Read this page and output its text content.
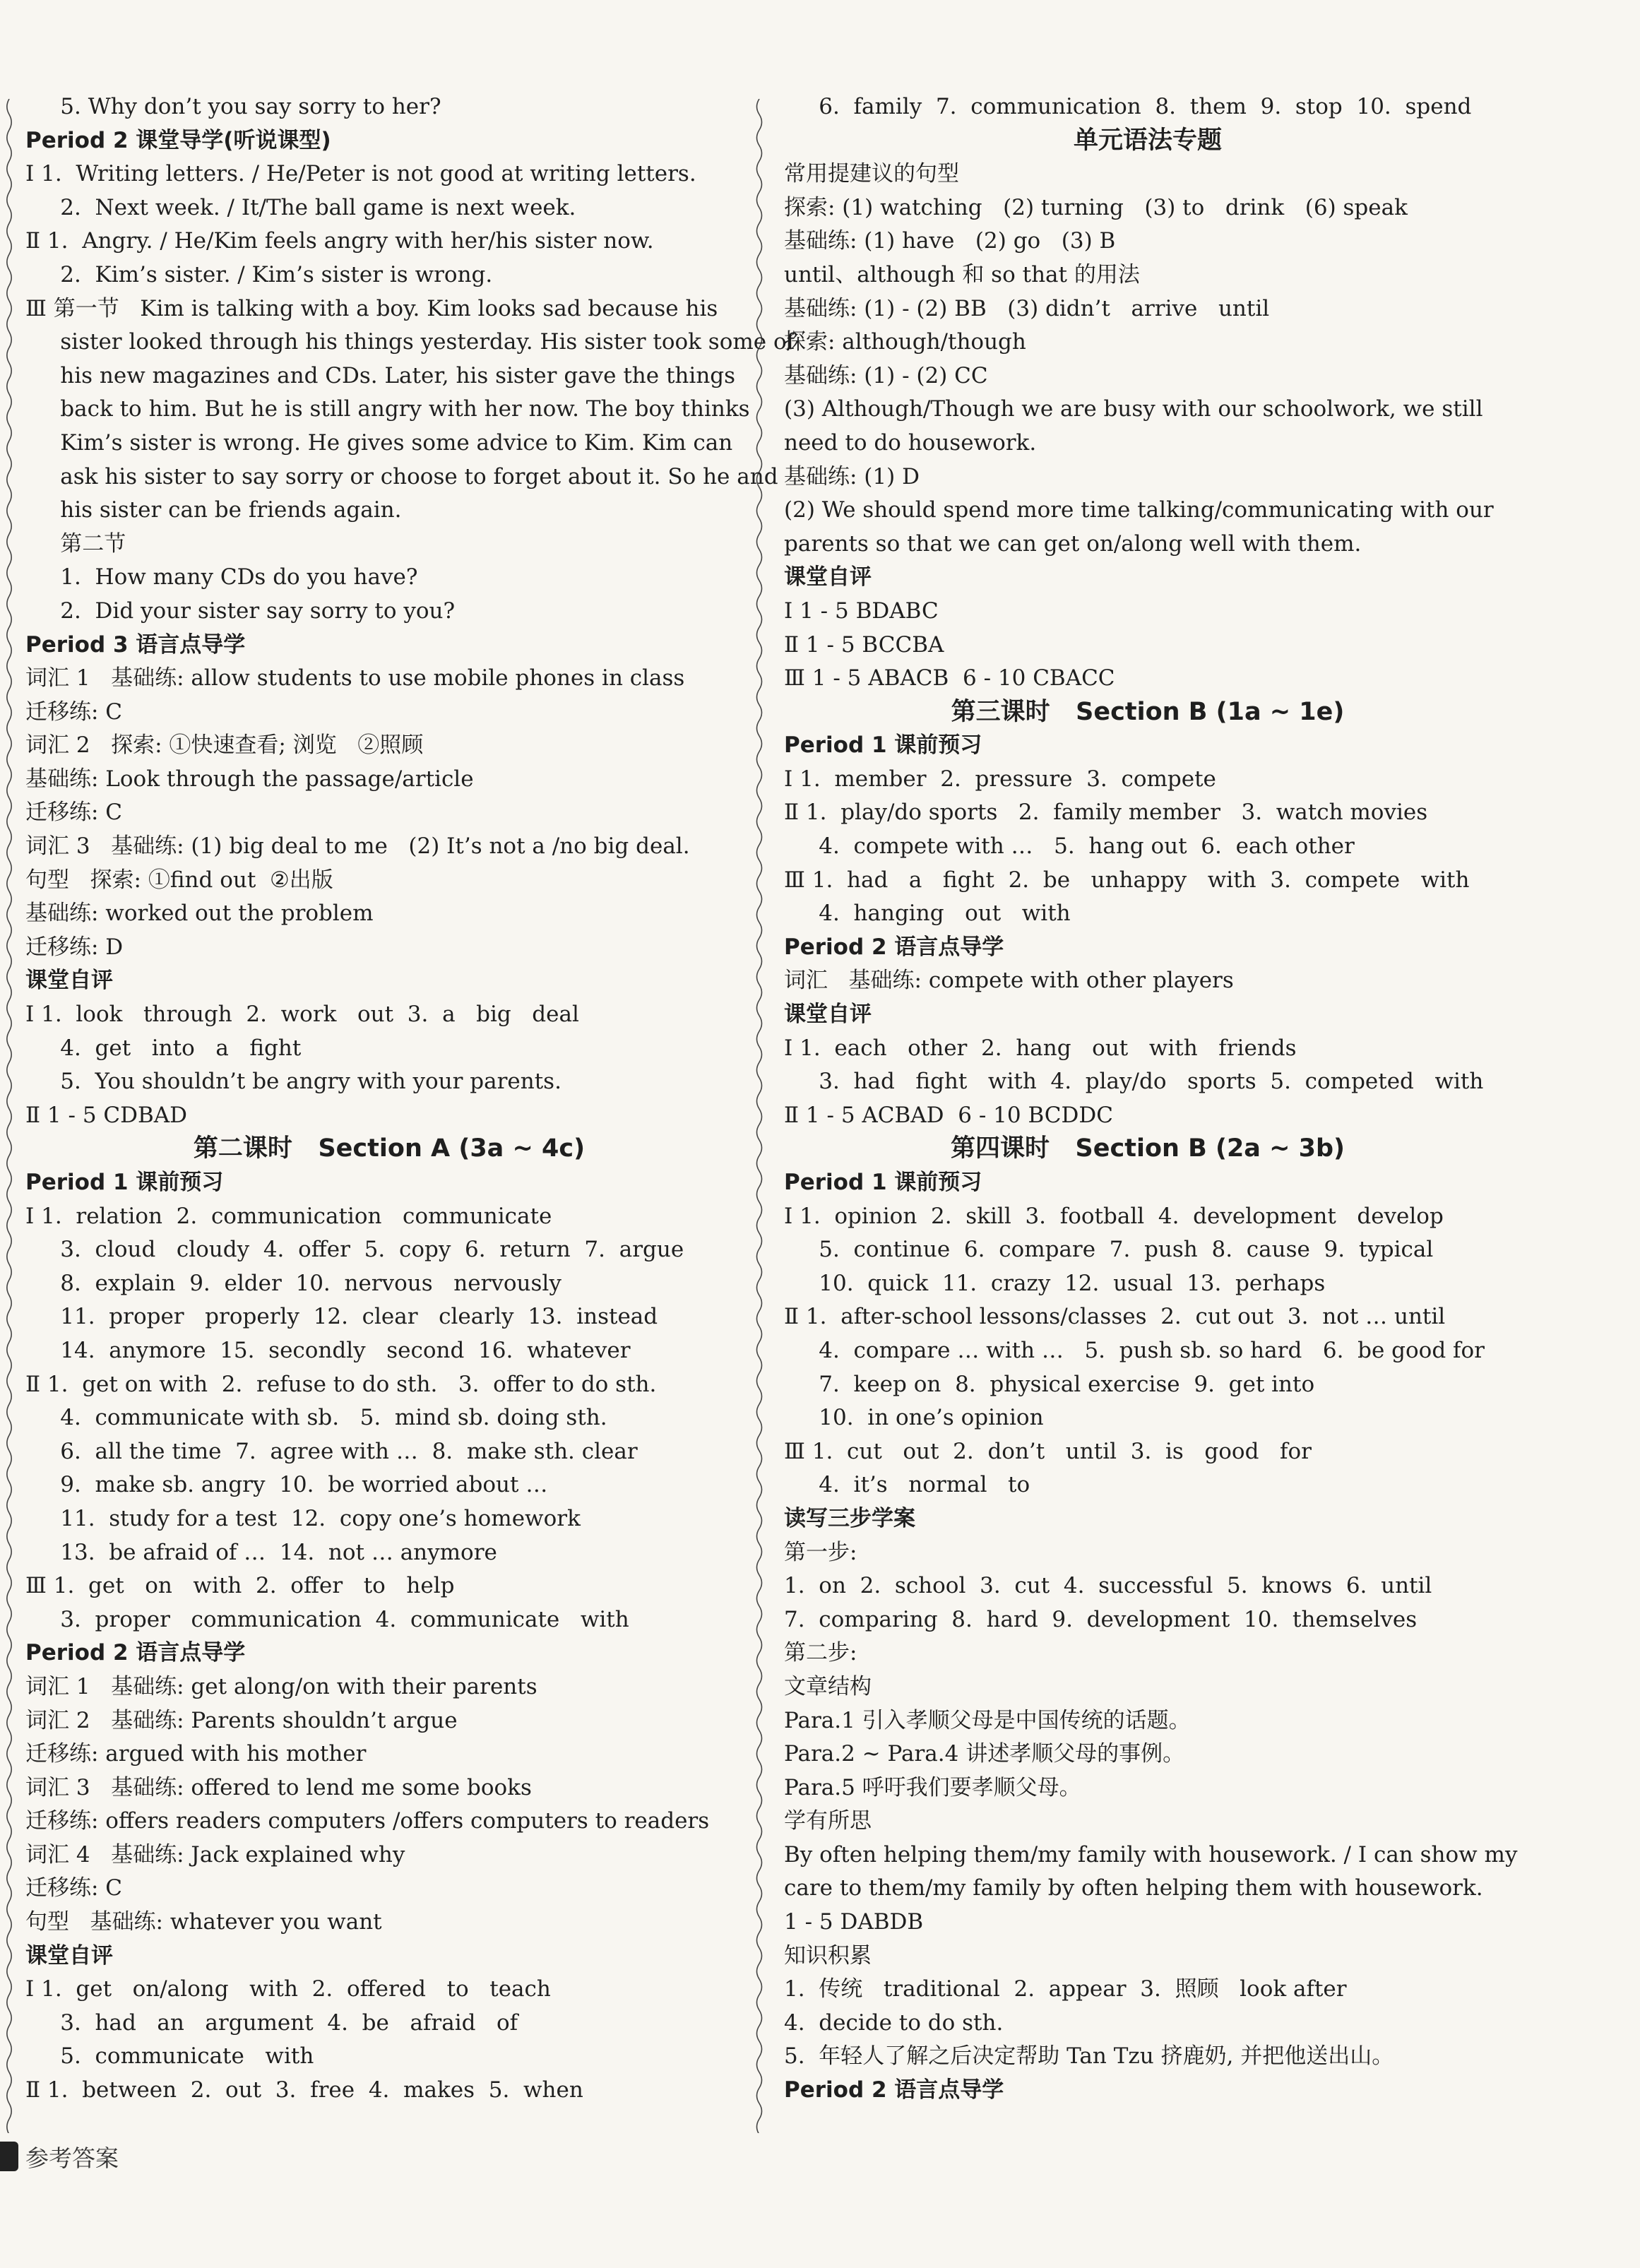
5. Why don’t you say sorry to her?
Period 2 课堂导学(听说课型)
Ⅰ 1.  Writing letters. / He/Peter is not good at writing letters.
2.  Next week. / It/The ball game is next week.
Ⅱ 1.  Angry. / He/Kim feels angry with her/his sister now.
2.  Kim’s sister. / Kim’s sister is wrong.
Ⅲ 第一节   Kim is talking with a boy. Kim looks sad because his
sister looked through his things yesterday. His sister took some of
his new magazines and CDs. Later, his sister gave the things
back to him. But he is still angry with her now. The boy thinks
Kim’s sister is wrong. He gives some advice to Kim. Kim can
ask his sister to say sorry or choose to forget about it. So he and
his sister can be friends again.
第二节
1.  How many CDs do you have?
2.  Did your sister say sorry to you?
Period 3 语言点导学
词汇 1   基础练: allow students to use mobile phones in class
迁移练: C
词汇 2   探索: ①快速查看; 浏览   ②照顾
基础练: Look through the passage/article
迁移练: C
词汇 3   基础练: (1) big deal to me   (2) It’s not a /no big deal.
句型   探索: ①find out  ②出版
基础练: worked out the problem
迁移练: D
课堂自评
Ⅰ 1.  look   through  2.  work   out  3.  a   big   deal
4.  get   into   a   fight
5.  You shouldn’t be angry with your parents.
Ⅱ 1 - 5 CDBAD
第二课时   Section A (3a ~ 4c)
Period 1 课前预习
Ⅰ 1.  relation  2.  communication   communicate
3.  cloud   cloudy  4.  offer  5.  copy  6.  return  7.  argue
8.  explain  9.  elder  10.  nervous   nervously
11.  proper   properly  12.  clear   clearly  13.  instead
14.  anymore  15.  secondly   second  16.  whatever
Ⅱ 1.  get on with  2.  refuse to do sth.   3.  offer to do sth.
4.  communicate with sb.   5.  mind sb. doing sth.
6.  all the time  7.  agree with …  8.  make sth. clear
9.  make sb. angry  10.  be worried about …
11.  study for a test  12.  copy one’s homework
13.  be afraid of …  14.  not … anymore
Ⅲ 1.  get   on   with  2.  offer   to   help
3.  proper   communication  4.  communicate   with
Period 2 语言点导学
词汇 1   基础练: get along/on with their parents
词汇 2   基础练: Parents shouldn’t argue
迁移练: argued with his mother
词汇 3   基础练: offered to lend me some books
迁移练: offers readers computers /offers computers to readers
词汇 4   基础练: Jack explained why
迁移练: C
句型   基础练: whatever you want
课堂自评
Ⅰ 1.  get   on/along   with  2.  offered   to   teach
3.  had   an   argument  4.  be   afraid   of
5.  communicate   with
Ⅱ 1.  between  2.  out  3.  free  4.  makes  5.  when
6.  family  7.  communication  8.  them  9.  stop  10.  spend
单元语法专题
常用提建议的句型
探索: (1) watching   (2) turning   (3) to   drink   (6) speak
基础练: (1) have   (2) go   (3) B
until、although 和 so that 的用法
基础练: (1) - (2) BB   (3) didn’t   arrive   until
探索: although/though
基础练: (1) - (2) CC
(3) Although/Though we are busy with our schoolwork, we still
need to do housework.
基础练: (1) D
(2) We should spend more time talking/communicating with our
parents so that we can get on/along well with them.
课堂自评
Ⅰ 1 - 5 BDABC
Ⅱ 1 - 5 BCCBA
Ⅲ 1 - 5 ABACB  6 - 10 CBACC
第三课时   Section B (1a ~ 1e)
Period 1 课前预习
Ⅰ 1.  member  2.  pressure  3.  compete
Ⅱ 1.  play/do sports   2.  family member   3.  watch movies
4.  compete with …   5.  hang out  6.  each other
Ⅲ 1.  had   a   fight  2.  be   unhappy   with  3.  compete   with
4.  hanging   out   with
Period 2 语言点导学
词汇   基础练: compete with other players
课堂自评
Ⅰ 1.  each   other  2.  hang   out   with   friends
3.  had   fight   with  4.  play/do   sports  5.  competed   with
Ⅱ 1 - 5 ACBAD  6 - 10 BCDDC
第四课时   Section B (2a ~ 3b)
Period 1 课前预习
Ⅰ 1.  opinion  2.  skill  3.  football  4.  development   develop
5.  continue  6.  compare  7.  push  8.  cause  9.  typical
10.  quick  11.  crazy  12.  usual  13.  perhaps
Ⅱ 1.  after-school lessons/classes  2.  cut out  3.  not … until
4.  compare … with …   5.  push sb. so hard   6.  be good for
7.  keep on  8.  physical exercise  9.  get into
10.  in one’s opinion
Ⅲ 1.  cut   out  2.  don’t   until  3.  is   good   for
4.  it’s   normal   to
读写三步学案
第一步:
1.  on  2.  school  3.  cut  4.  successful  5.  knows  6.  until
7.  comparing  8.  hard  9.  development  10.  themselves
第二步:
文章结构
Para.1 引入孝顺父母是中国传统的话题。
Para.2 ~ Para.4 讲述孝顺父母的事例。
Para.5 呼吁我们要孝顺父母。
学有所思
By often helping them/my family with housework. / I can show my
care to them/my family by often helping them with housework.
1 - 5 DABDB
知识积累
1.  传统   traditional  2.  appear  3.  照顾   look after
4.  decide to do sth.
5.  年轻人了解之后决定帮助 Tan Tzu 挤鹿奶, 并把他送出山。
Period 2 语言点导学
参考答案
